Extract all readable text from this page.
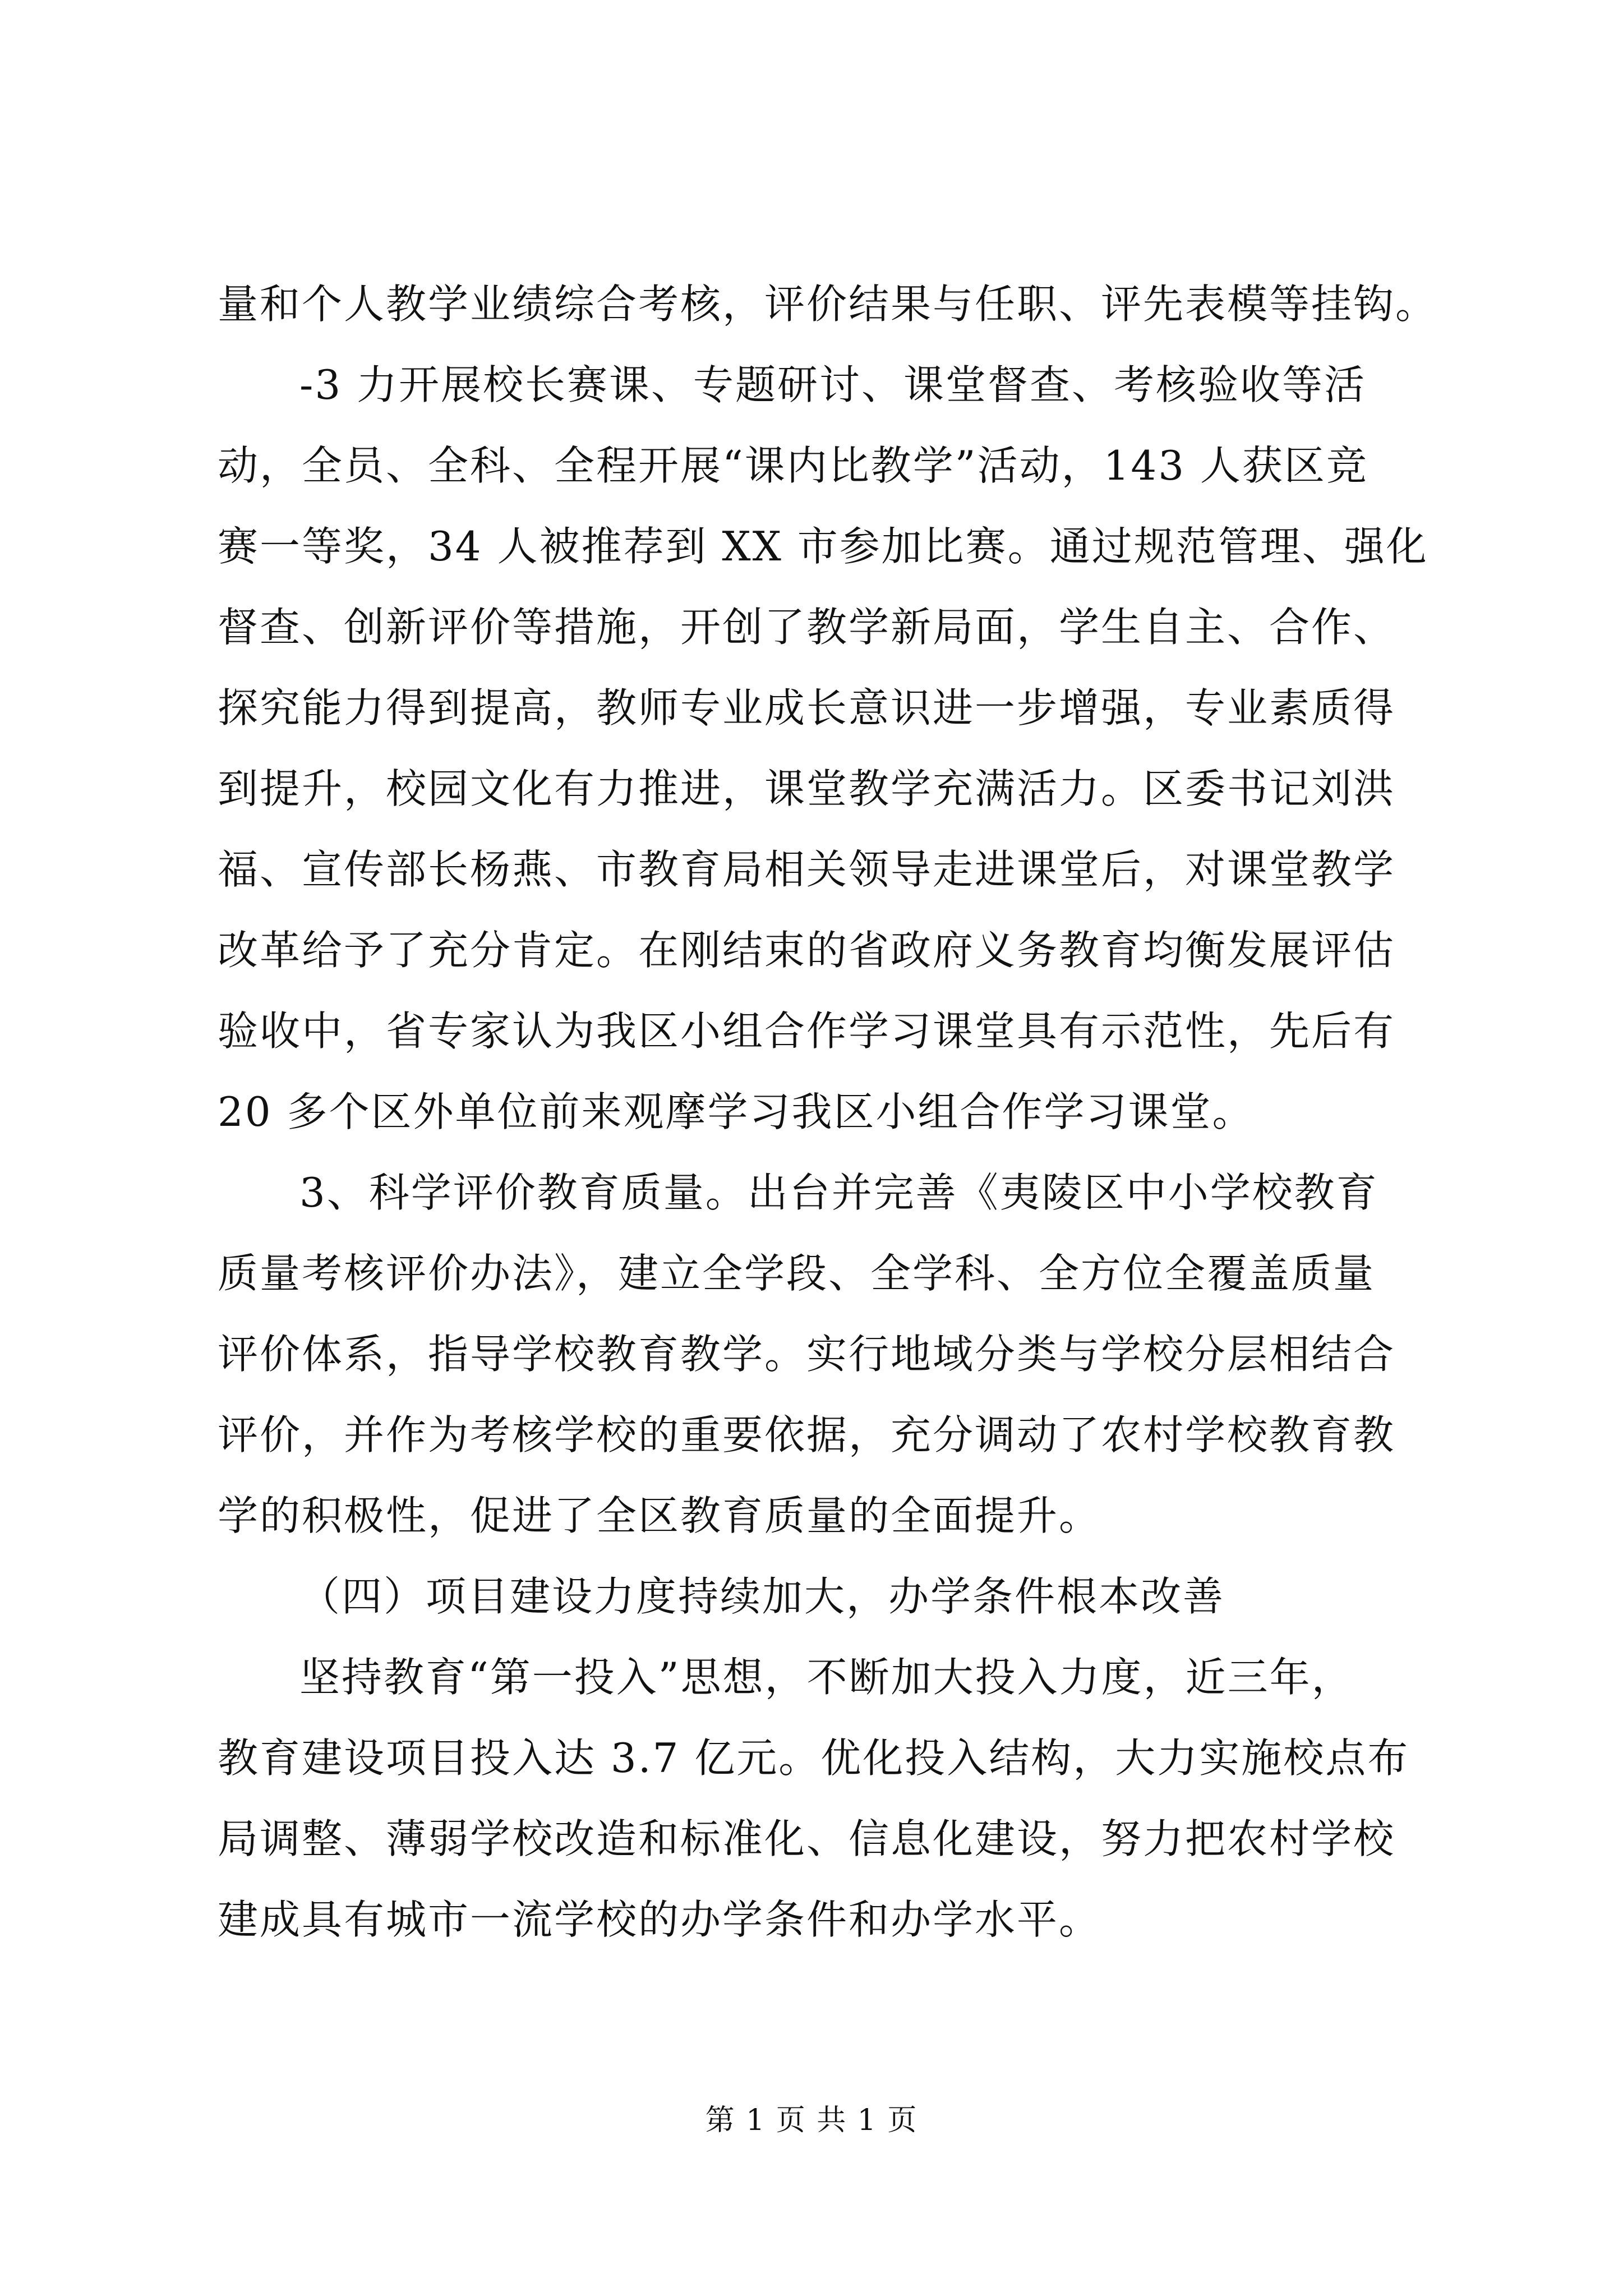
量和个人教学业绩综合考核，评价结果与任职、评先表模等挂钩。
-3 力开展校长赛课、专题研讨、课堂督查、考核验收等活
动，全员、全科、全程开展“课内比教学”活动，143 人获区竞
赛一等奖，34 人被推荐到 XX 市参加比赛。通过规范管理、强化
督查、创新评价等措施，开创了教学新局面，学生自主、合作、
探究能力得到提高，教师专业成长意识进一步增强，专业素质得
到提升，校园文化有力推进，课堂教学充满活力。区委书记刘洪
福、宣传部长杨燕、市教育局相关领导走进课堂后，对课堂教学
改革给予了充分肯定。在刚结束的省政府义务教育均衡发展评估
验收中，省专家认为我区小组合作学习课堂具有示范性，先后有
20 多个区外单位前来观摩学习我区小组合作学习课堂。
3、科学评价教育质量。出台并完善《夷陵区中小学校教育
质量考核评价办法》，建立全学段、全学科、全方位全覆盖质量
评价体系，指导学校教育教学。实行地域分类与学校分层相结合
评价，并作为考核学校的重要依据，充分调动了农村学校教育教
学的积极性，促进了全区教育质量的全面提升。
（四）项目建设力度持续加大，办学条件根本改善
坚持教育“第一投入”思想，不断加大投入力度，近三年，
教育建设项目投入达 3.7 亿元。优化投入结构，大力实施校点布
局调整、薄弱学校改造和标准化、信息化建设，努力把农村学校
建成具有城市一流学校的办学条件和办学水平。
第 1 页 共 1 页
